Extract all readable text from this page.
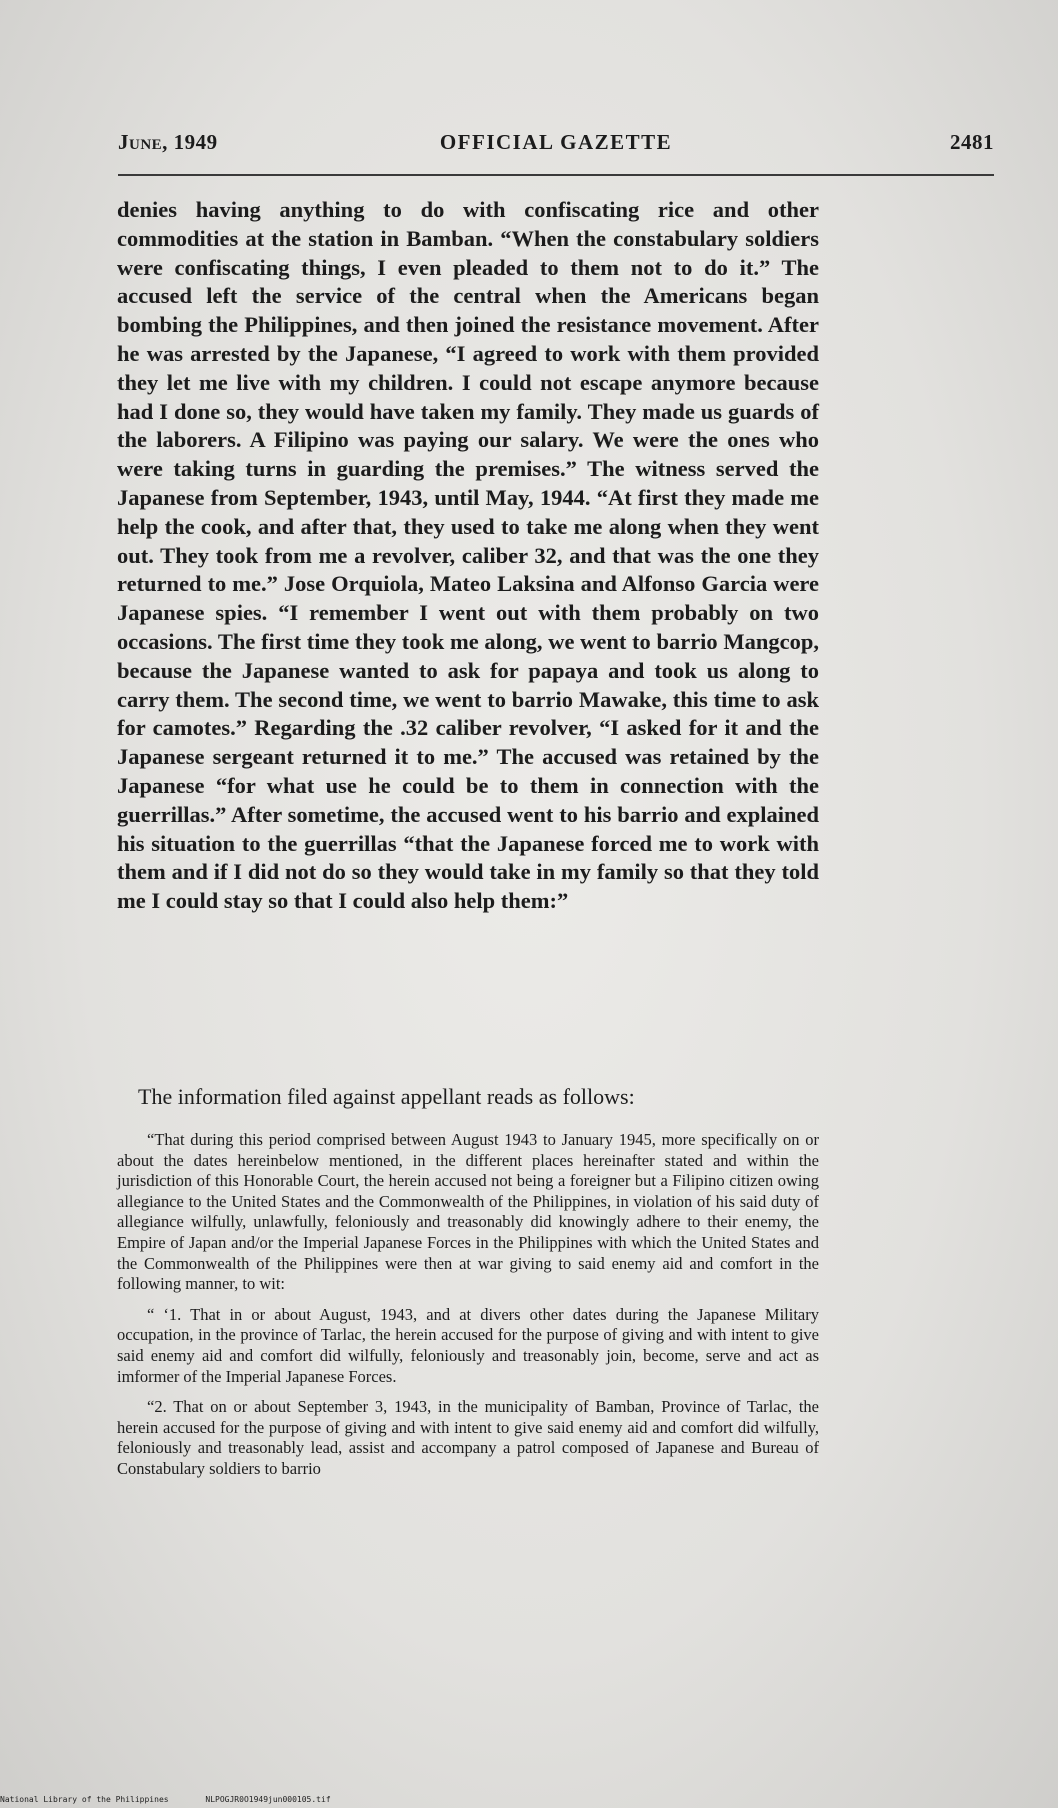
June, 1949	OFFICIAL GAZETTE	2481

denies having anything to do with confiscating rice and other commodities at the station in Bamban. “When the constabulary soldiers were confiscating things, I even pleaded to them not to do it.” The accused left the service of the central when the Americans began bombing the Philippines, and then joined the resistance movement. After he was arrested by the Japanese, “I agreed to work with them provided they let me live with my children. I could not escape anymore because had I done so, they would have taken my family. They made us guards of the laborers. A Filipino was paying our salary. We were the ones who were taking turns in guarding the premises.” The witness served the Japanese from September, 1943, until May, 1944. “At first they made me help the cook, and after that, they used to take me along when they went out. They took from me a revolver, caliber 32, and that was the one they returned to me.” Jose Orquiola, Mateo Laksina and Alfonso Garcia were Japanese spies. “I remember I went out with them probably on two occasions. The first time they took me along, we went to barrio Mangcop, because the Japanese wanted to ask for papaya and took us along to carry them. The second time, we went to barrio Mawake, this time to ask for camotes.” Regarding the .32 caliber revolver, “I asked for it and the Japanese sergeant returned it to me.” The accused was retained by the Japanese “for what use he could be to them in connection with the guerrillas.” After sometime, the accused went to his barrio and explained his situation to the guerrillas “that the Japanese forced me to work with them and if I did not do so they would take in my family so that they told me I could stay so that I could also help them:”

The information filed against appellant reads as follows:

“That during this period comprised between August 1943 to January 1945, more specifically on or about the dates hereinbelow mentioned, in the different places hereinafter stated and within the jurisdiction of this Honorable Court, the herein accused not being a foreigner but a Filipino citizen owing allegiance to the United States and the Commonwealth of the Philippines, in violation of his said duty of allegiance wilfully, unlawfully, feloniously and treasonably did knowingly adhere to their enemy, the Empire of Japan and/or the Imperial Japanese Forces in the Philippines with which the United States and the Commonwealth of the Philippines were then at war giving to said enemy aid and comfort in the following manner, to wit:

“ ‘1. That in or about August, 1943, and at divers other dates during the Japanese Military occupation, in the province of Tarlac, the herein accused for the purpose of giving and with intent to give said enemy aid and comfort did wilfully, feloniously and treasonably join, become, serve and act as imformer of the Imperial Japanese Forces.

“2. That on or about September 3, 1943, in the municipality of Bamban, Province of Tarlac, the herein accused for the purpose of giving and with intent to give said enemy aid and comfort did wilfully, feloniously and treasonably lead, assist and accompany a patrol composed of Japanese and Bureau of Constabulary soldiers to barrio

National Library of the Philippines	NLPOGJR0O1949jun000105.tif
